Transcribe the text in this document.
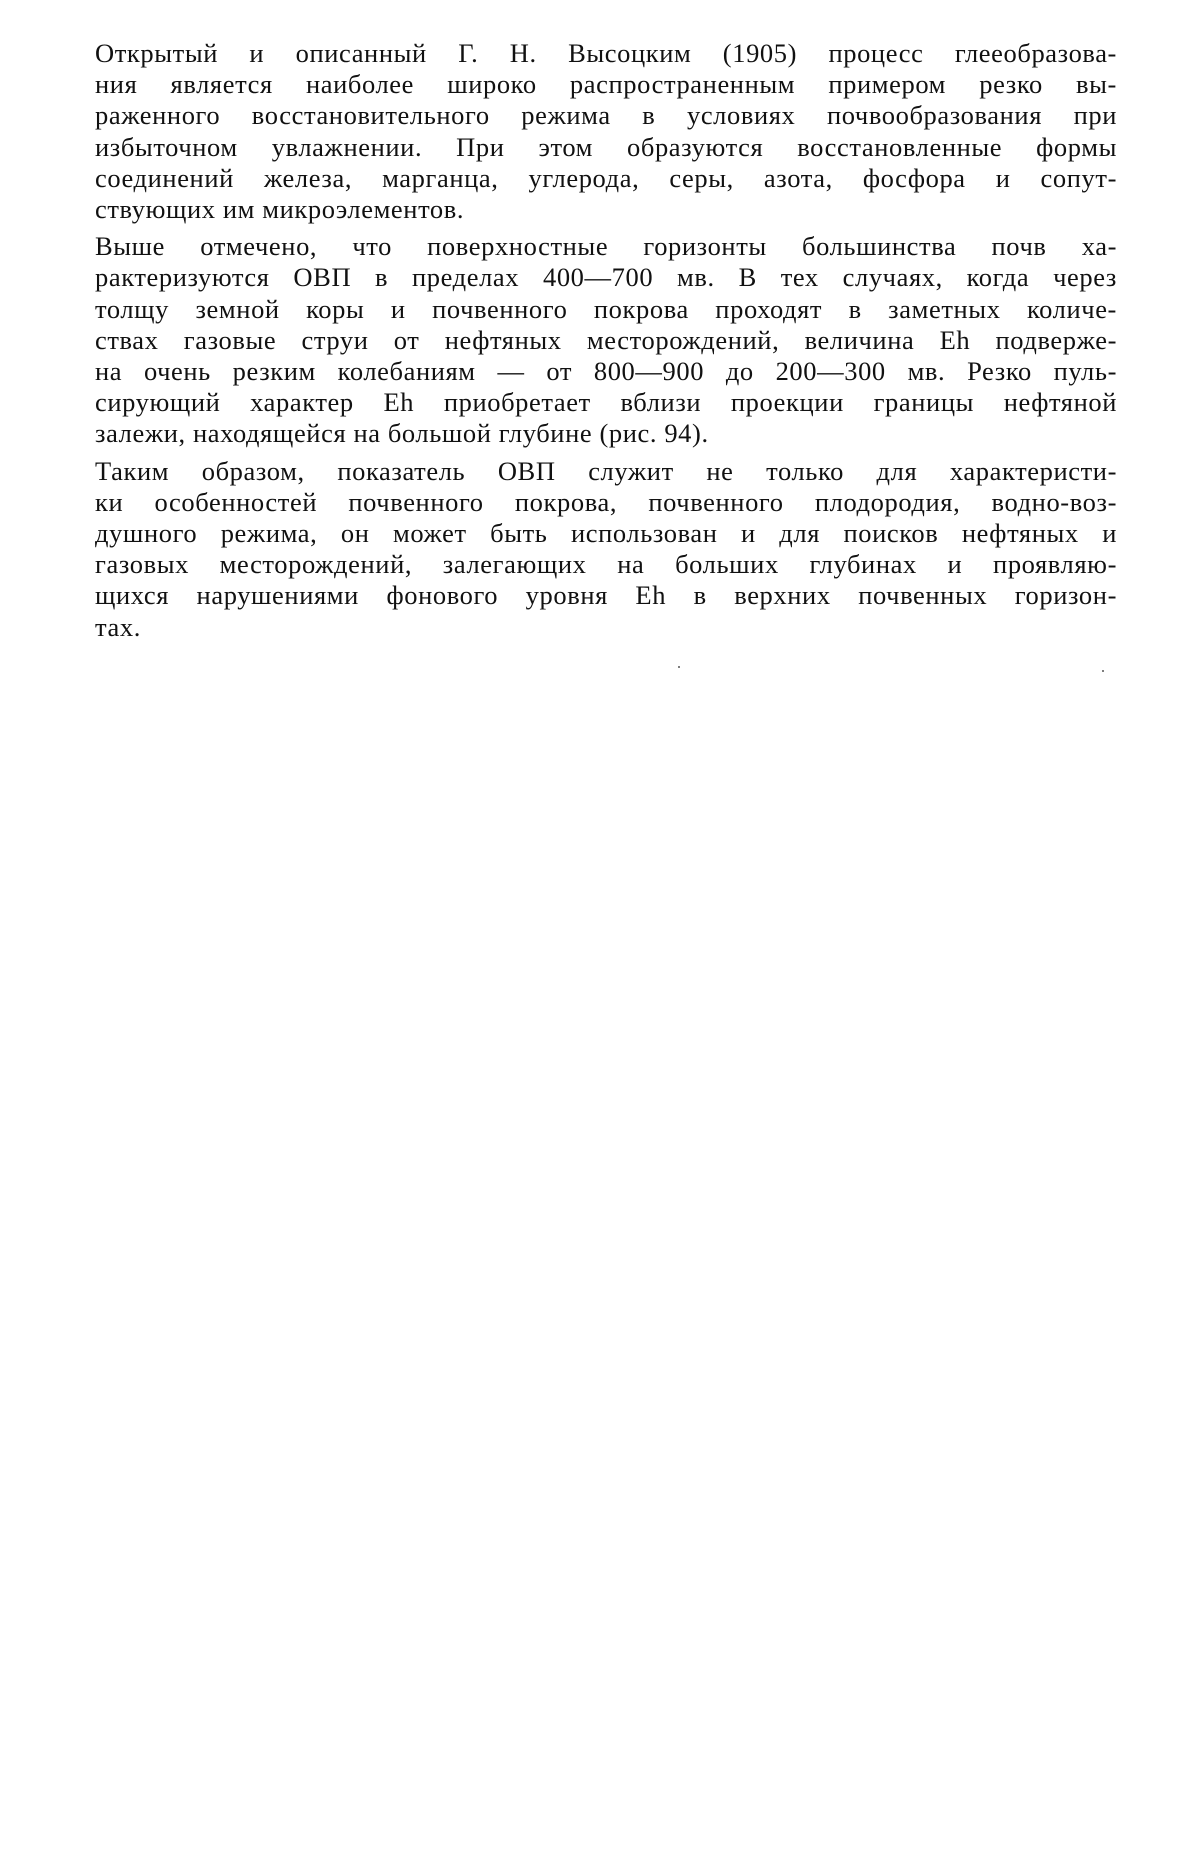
Открытый и описанный Г. Н. Высоцким (1905) процесс глееобразова-
ния является наиболее широко распространенным примером резко вы-
раженного восстановительного режима в условиях почвообразования при
избыточном увлажнении. При этом образуются восстановленные формы
соединений железа, марганца, углерода, серы, азота, фосфора и сопут-
ствующих им микроэлементов.
Выше отмечено, что поверхностные горизонты большинства почв ха-
рактеризуются ОВП в пределах 400—700 мв. В тех случаях, когда через
толщу земной коры и почвенного покрова проходят в заметных количе-
ствах газовые струи от нефтяных месторождений, величина Eh подверже-
на очень резким колебаниям — от 800—900 до 200—300 мв. Резко пуль-
сирующий характер Eh приобретает вблизи проекции границы нефтяной
залежи, находящейся на большой глубине (рис. 94).
Таким образом, показатель ОВП служит не только для характеристи-
ки особенностей почвенного покрова, почвенного плодородия, водно-воз-
душного режима, он может быть использован и для поисков нефтяных и
газовых месторождений, залегающих на больших глубинах и проявляю-
щихся нарушениями фонового уровня Eh в верхних почвенных горизон-
тах.
